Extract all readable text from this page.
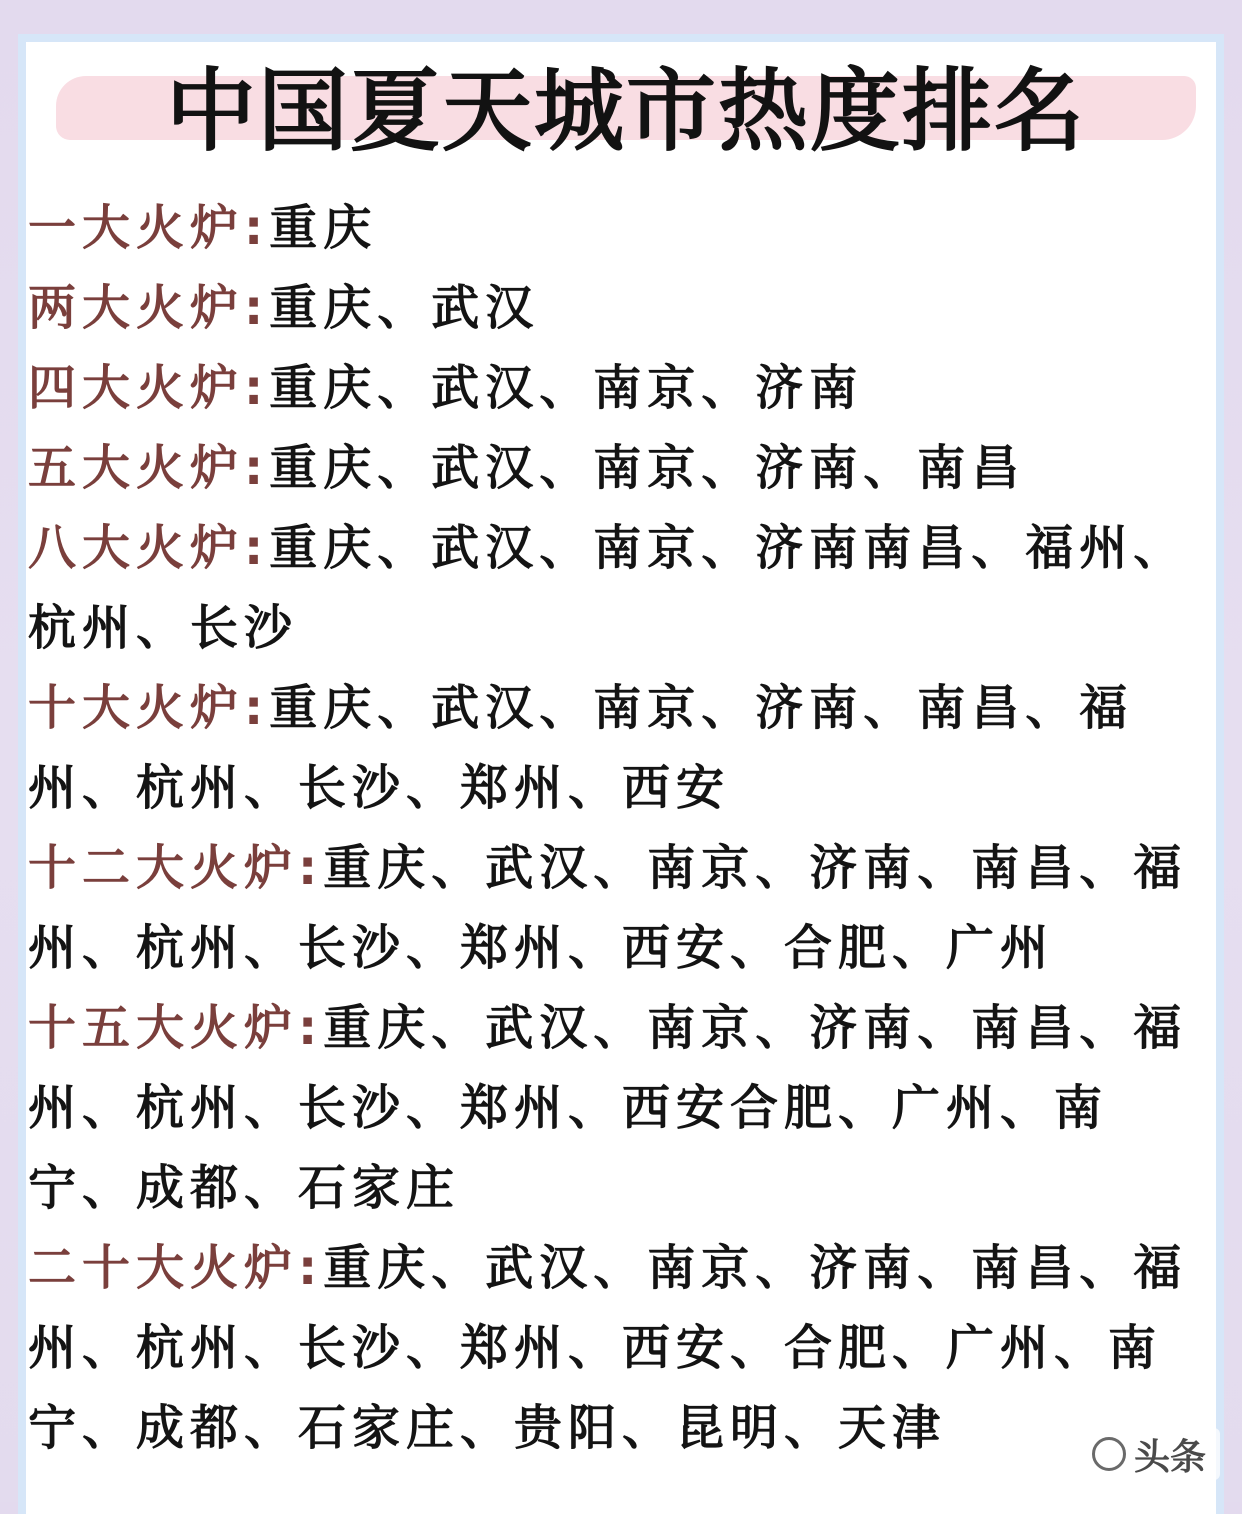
中国夏天城市热度排名

一大火炉:重庆

两大火炉:重庆、武汉

四大火炉:重庆、武汉、南京、济南

五大火炉:重庆、武汉、南京、济南、南昌

八大火炉:重庆、武汉、南京、济南南昌、福州、杭州、长沙

十大火炉:重庆、武汉、南京、济南、南昌、福州、杭州、长沙、郑州、西安

十二大火炉:重庆、武汉、南京、济南、南昌、福州、杭州、长沙、郑州、西安、合肥、广州

十五大火炉:重庆、武汉、南京、济南、南昌、福州、杭州、长沙、郑州、西安合肥、广州、南宁、成都、石家庄

二十大火炉:重庆、武汉、南京、济南、南昌、福州、杭州、长沙、郑州、西安、合肥、广州、南宁、成都、石家庄、贵阳、昆明、天津

头条
